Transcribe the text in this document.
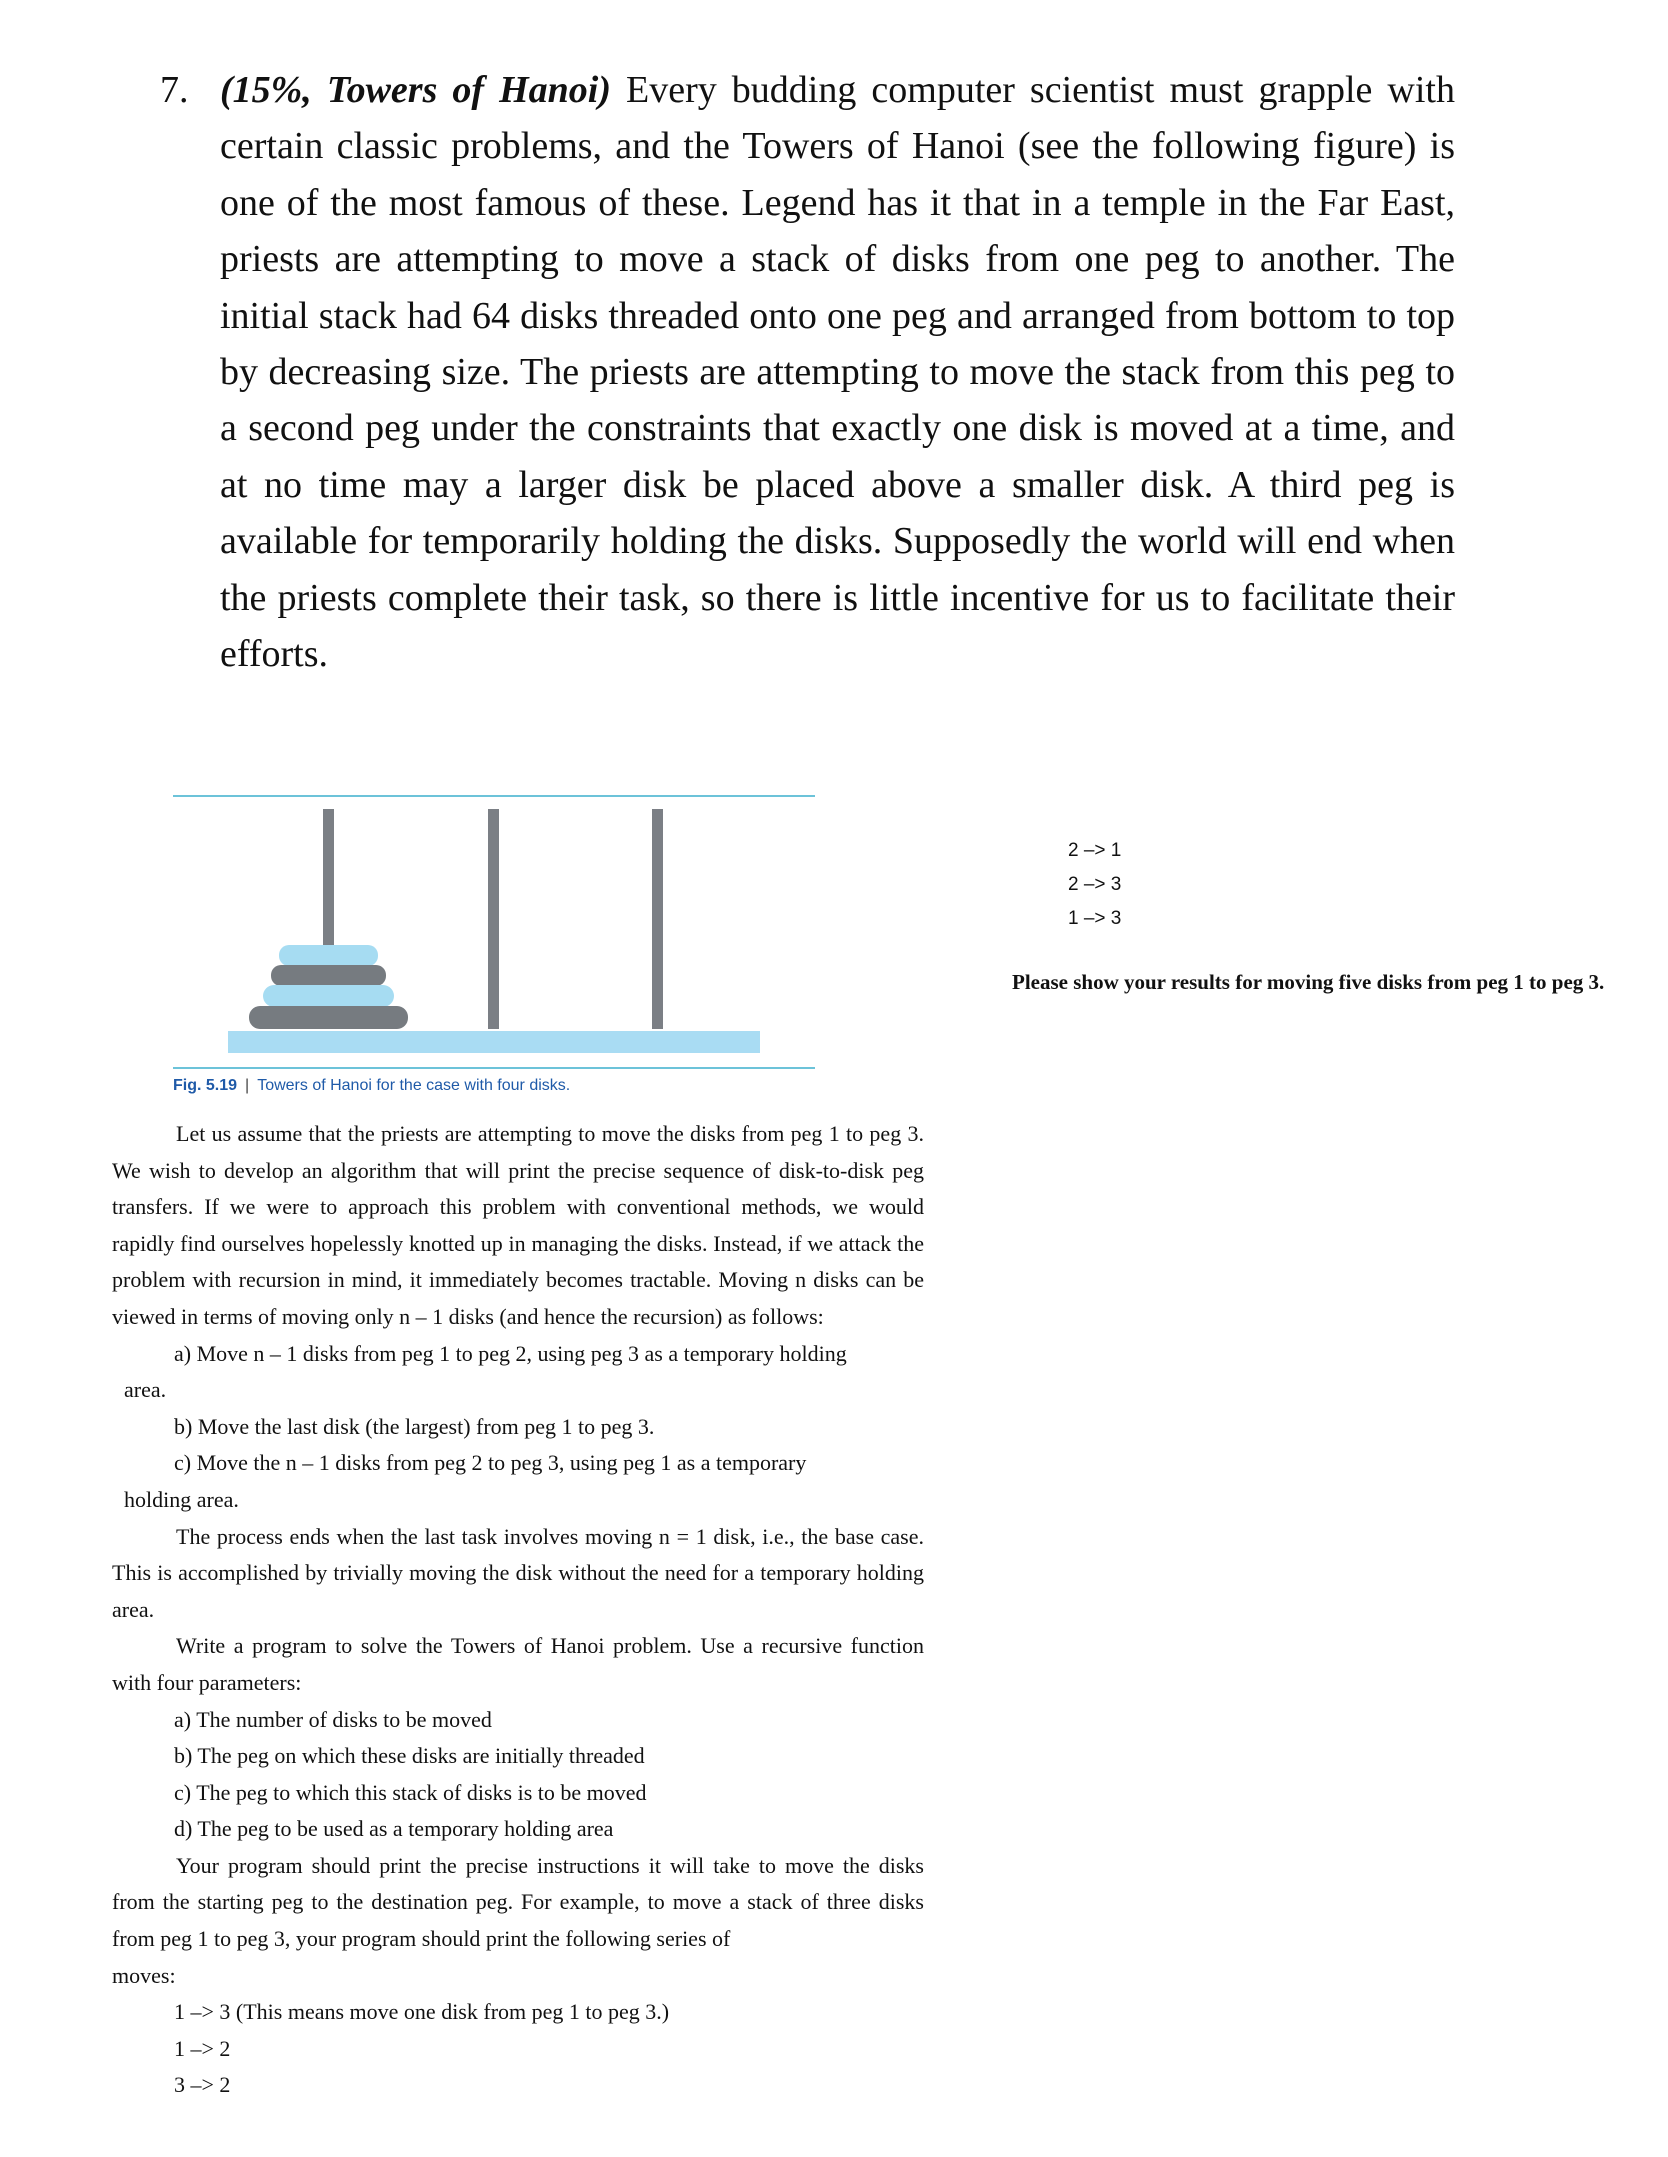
7. (15%, Towers of Hanoi) Every budding computer scientist must grapple with certain classic problems, and the Towers of Hanoi (see the following figure) is one of the most famous of these. Legend has it that in a temple in the Far East, priests are attempting to move a stack of disks from one peg to another. The initial stack had 64 disks threaded onto one peg and arranged from bottom to top by decreasing size. The priests are attempting to move the stack from this peg to a second peg under the constraints that exactly one disk is moved at a time, and at no time may a larger disk be placed above a smaller disk. A third peg is available for temporarily holding the disks. Supposedly the world will end when the priests complete their task, so there is little incentive for us to facilitate their efforts.
Fig. 5.19 | Towers of Hanoi for the case with four disks.

Let us assume that the priests are attempting to move the disks from peg 1 to peg 3. We wish to develop an algorithm that will print the precise sequence of disk-to-disk peg transfers. If we were to approach this problem with conventional methods, we would rapidly find ourselves hopelessly knotted up in managing the disks. Instead, if we attack the problem with recursion in mind, it immediately becomes tractable. Moving n disks can be viewed in terms of moving only n – 1 disks (and hence the recursion) as follows:

a) Move n – 1 disks from peg 1 to peg 2, using peg 3 as a temporary holding

area.

b) Move the last disk (the largest) from peg 1 to peg 3.

c) Move the n – 1 disks from peg 2 to peg 3, using peg 1 as a temporary

holding area.

The process ends when the last task involves moving n = 1 disk, i.e., the base case. This is accomplished by trivially moving the disk without the need for a temporary holding area.

Write a program to solve the Towers of Hanoi problem. Use a recursive function with four parameters:

a) The number of disks to be moved

b) The peg on which these disks are initially threaded

c) The peg to which this stack of disks is to be moved

d) The peg to be used as a temporary holding area

Your program should print the precise instructions it will take to move the disks from the starting peg to the destination peg. For example, to move a stack of three disks from peg 1 to peg 3, your program should print the following series of

moves:

1 –> 3 (This means move one disk from peg 1 to peg 3.)

1 –> 2

3 –> 2

2 –> 1
2 –> 3
1 –> 3
Please show your results for moving five disks from peg 1 to peg 3.
